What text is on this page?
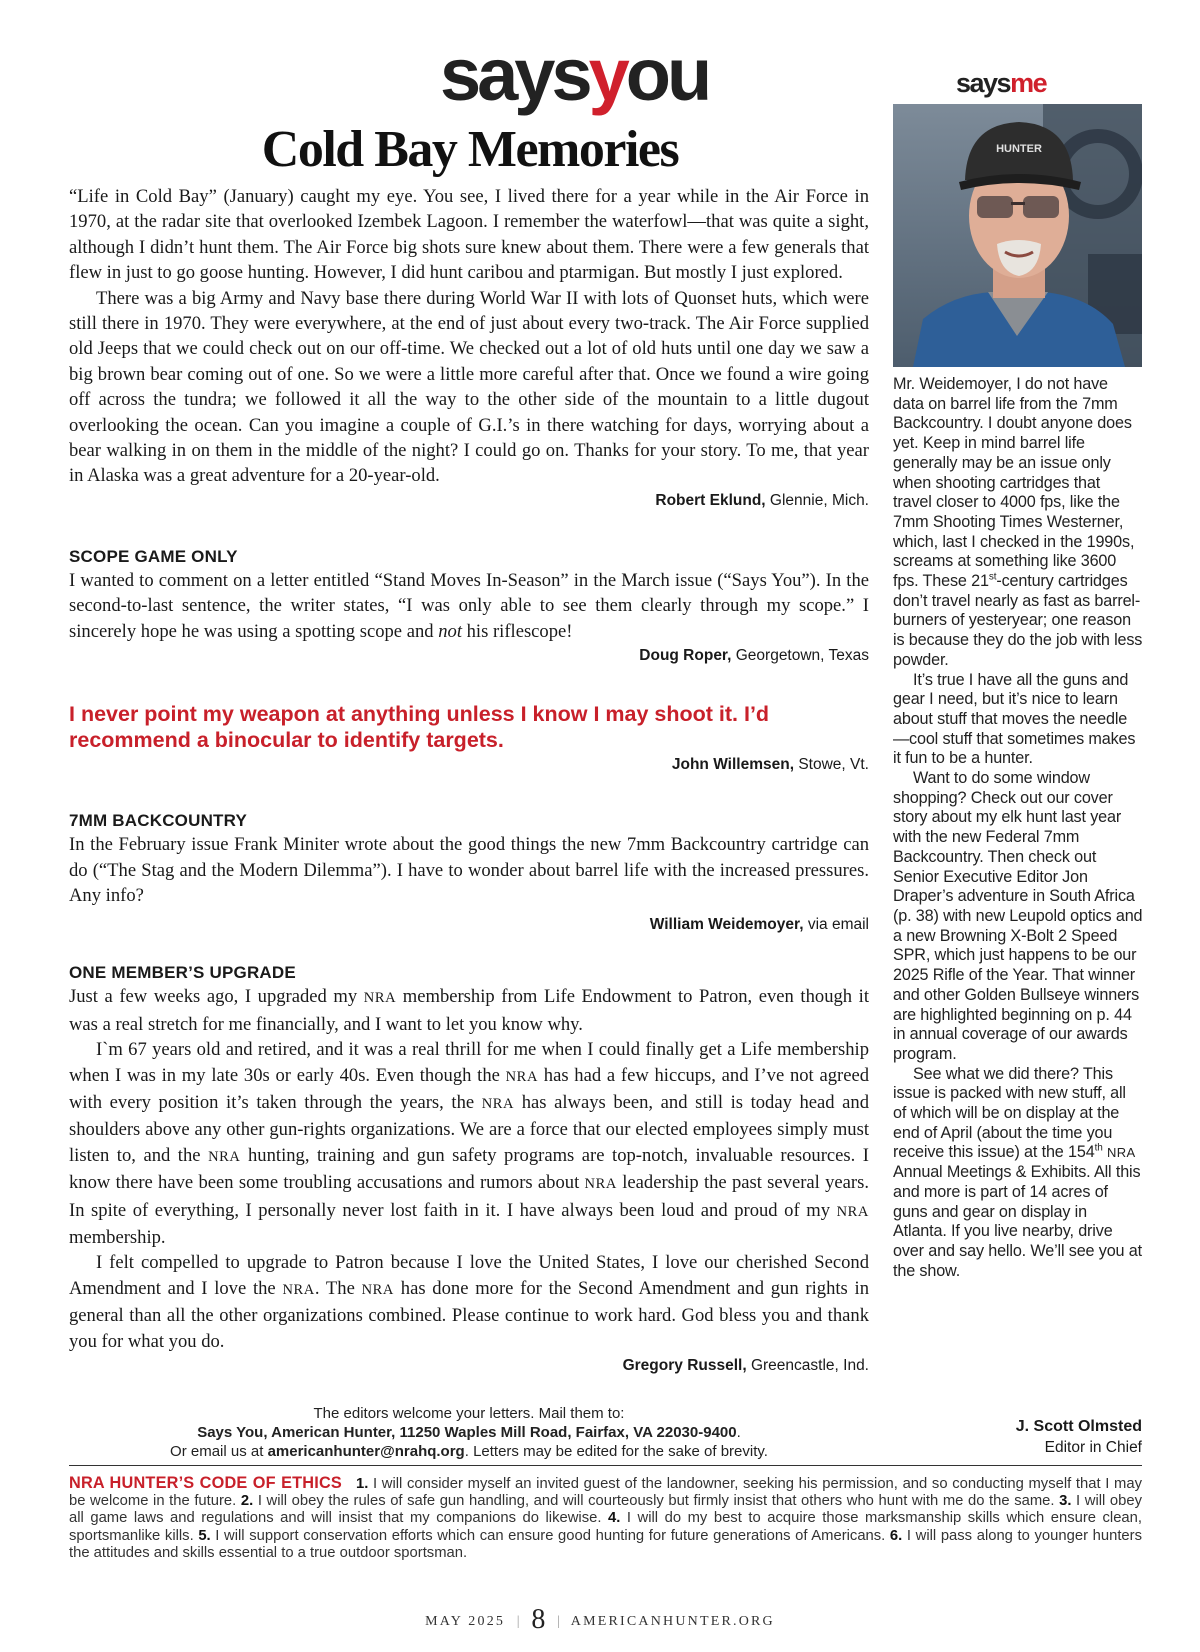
saysyou
Cold Bay Memories

“Life in Cold Bay” (January) caught my eye. You see, I lived there for a year while in the Air Force in 1970, at the radar site that overlooked Izembek Lagoon. I remember the waterfowl—that was quite a sight, although I didn’t hunt them. The Air Force big shots sure knew about them. There were a few generals that flew in just to go goose hunting. However, I did hunt caribou and ptarmigan. But mostly I just explored.

There was a big Army and Navy base there during World War II with lots of Quonset huts, which were still there in 1970. They were everywhere, at the end of just about every two-track. The Air Force supplied old Jeeps that we could check out on our off-time. We checked out a lot of old huts until one day we saw a big brown bear coming out of one. So we were a little more careful after that. Once we found a wire going off across the tundra; we followed it all the way to the other side of the mountain to a little dugout overlooking the ocean. Can you imagine a couple of G.I.’s in there watching for days, worrying about a bear walking in on them in the middle of the night? I could go on. Thanks for your story. To me, that year in Alaska was a great adventure for a 20-year-old.

Robert Eklund, Glennie, Mich.
SCOPE GAME ONLY

I wanted to comment on a letter entitled “Stand Moves In-Season” in the March issue (“Says You”). In the second-to-last sentence, the writer states, “I was only able to see them clearly through my scope.” I sincerely hope he was using a spotting scope and not his riflescope!

Doug Roper, Georgetown, Texas
I never point my weapon at anything unless I know I may shoot it. I’d recommend a binocular to identify targets.
John Willemsen, Stowe, Vt.
7MM BACKCOUNTRY

In the February issue Frank Miniter wrote about the good things the new 7mm Backcountry cartridge can do (“The Stag and the Modern Dilemma”). I have to wonder about barrel life with the increased pressures. Any info?

William Weidemoyer, via email
ONE MEMBER’S UPGRADE

Just a few weeks ago, I upgraded my NRA membership from Life Endowment to Patron, even though it was a real stretch for me financially, and I want to let you know why.

I`m 67 years old and retired, and it was a real thrill for me when I could finally get a Life membership when I was in my late 30s or early 40s. Even though the NRA has had a few hiccups, and I’ve not agreed with every position it’s taken through the years, the NRA has always been, and still is today head and shoulders above any other gun-rights organizations. We are a force that our elected employees simply must listen to, and the NRA hunting, training and gun safety programs are top-notch, invaluable resources. I know there have been some troubling accusations and rumors about NRA leadership the past several years. In spite of everything, I personally never lost faith in it. I have always been loud and proud of my NRA membership.

I felt compelled to upgrade to Patron because I love the United States, I love our cherished Second Amendment and I love the NRA. The NRA has done more for the Second Amendment and gun rights in general than all the other organizations combined. Please continue to work hard. God bless you and thank you for what you do.

Gregory Russell, Greencastle, Ind.
saysme
HUNTER

Mr. Weidemoyer, I do not have data on barrel life from the 7mm Backcountry. I doubt anyone does yet. Keep in mind barrel life generally may be an issue only when shooting cartridges that travel closer to 4000 fps, like the 7mm Shooting Times Westerner, which, last I checked in the 1990s, screams at something like 3600 fps. These 21st-century cartridges don’t travel nearly as fast as barrel-burners of yesteryear; one reason is because they do the job with less powder.

It’s true I have all the guns and gear I need, but it’s nice to learn about stuff that moves the needle—cool stuff that sometimes makes it fun to be a hunter.

Want to do some window shopping? Check out our cover story about my elk hunt last year with the new Federal 7mm Backcountry. Then check out Senior Executive Editor Jon Draper’s adventure in South Africa (p. 38) with new Leupold optics and a new Browning X-Bolt 2 Speed SPR, which just happens to be our 2025 Rifle of the Year. That winner and other Golden Bullseye winners are highlighted beginning on p. 44 in annual coverage of our awards program.

See what we did there? This issue is packed with new stuff, all of which will be on display at the end of April (about the time you receive this issue) at the 154th NRA Annual Meetings & Exhibits. All this and more is part of 14 acres of guns and gear on display in Atlanta. If you live nearby, drive over and say hello. We’ll see you at the show.

J. Scott Olmsted
Editor in Chief
The editors welcome your letters. Mail them to:
Says You, American Hunter, 11250 Waples Mill Road, Fairfax, VA 22030-9400.
Or email us at americanhunter@nrahq.org. Letters may be edited for the sake of brevity.
NRA HUNTER’S CODE OF ETHICS 1. I will consider myself an invited guest of the landowner, seeking his permission, and so conducting myself that I may be welcome in the future. 2. I will obey the rules of safe gun handling, and will courteously but firmly insist that others who hunt with me do the same. 3. I will obey all game laws and regulations and will insist that my companions do likewise. 4. I will do my best to acquire those marksmanship skills which ensure clean, sportsmanlike kills. 5. I will support conservation efforts which can ensure good hunting for future generations of Americans. 6. I will pass along to younger hunters the attitudes and skills essential to a true outdoor sportsman.
MAY 2025 | 8 | AMERICANHUNTER.ORG
